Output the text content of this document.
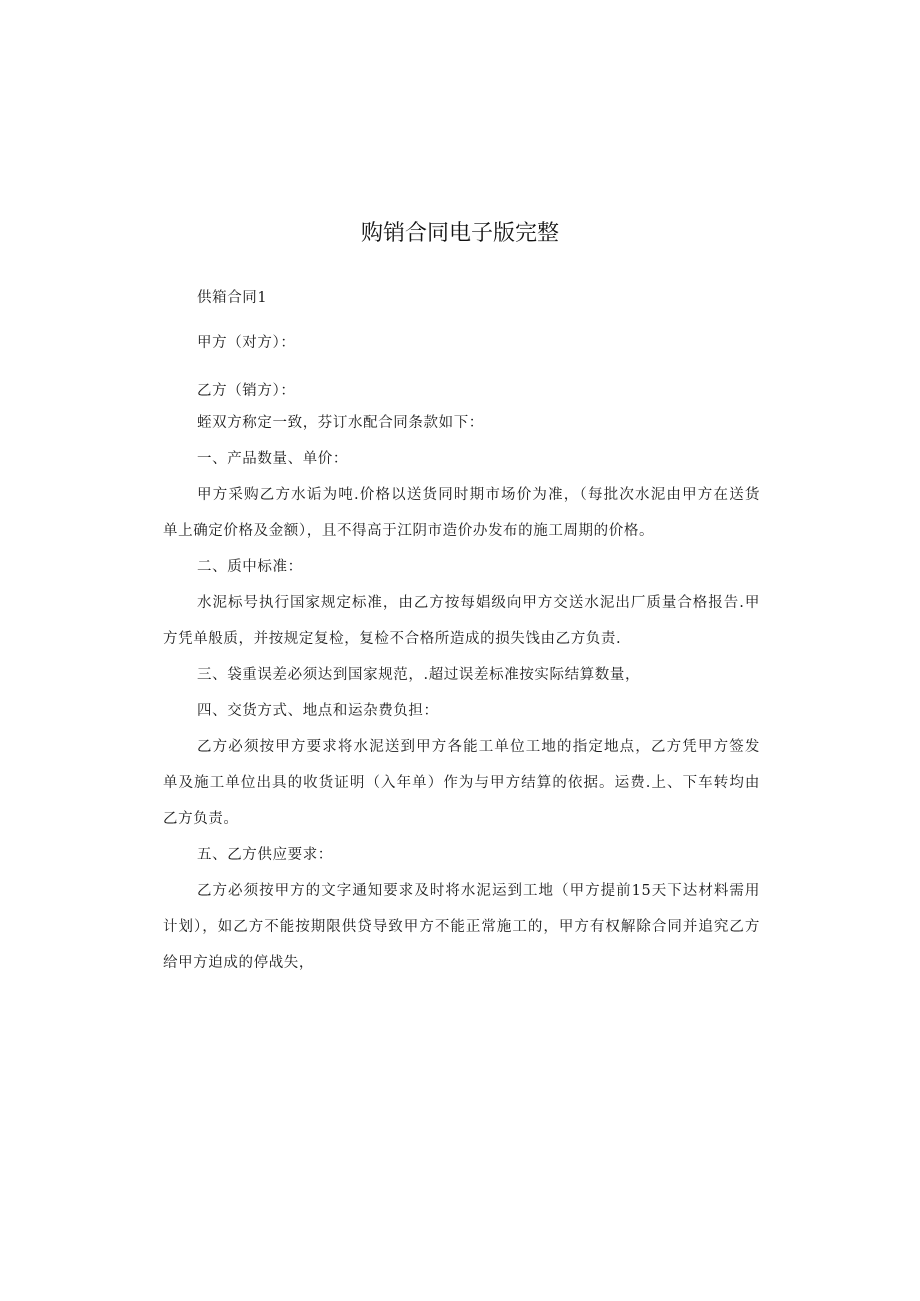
购销合同电子版完整
供箱合同1
甲方（对方）：
乙方（销方）：
蛭双方称定一致，芬订水配合同条款如下：
一、产品数量、单价：
甲方采购乙方水诟为吨.价格以送货同时期市场价为准，（每批次水泥由甲方在送货
单上确定价格及金额），且不得高于江阴市造价办发布的施工周期的价格。
二、质中标准：
水泥标号执行国家规定标准，由乙方按每娼级向甲方交送水泥出厂质量合格报告.甲
方凭单般质，并按规定复检，复检不合格所造成的损失饯由乙方负责.
三、袋重误差必须达到国家规范，.超过误差标准按实际结算数量，
四、交货方式、地点和运杂费负担：
乙方必须按甲方要求将水泥送到甲方各能工单位工地的指定地点，乙方凭甲方签发
单及施工单位出具的收货证明（入年单）作为与甲方结算的依据。运费.上、下车转均由
乙方负责。
五、乙方供应要求：
乙方必须按甲方的文字通知要求及时将水泥运到工地（甲方提前15天下达材料需用
计划），如乙方不能按期限供贷导致甲方不能正常施工的，甲方有权解除合同并追究乙方
给甲方迫成的停战失，
